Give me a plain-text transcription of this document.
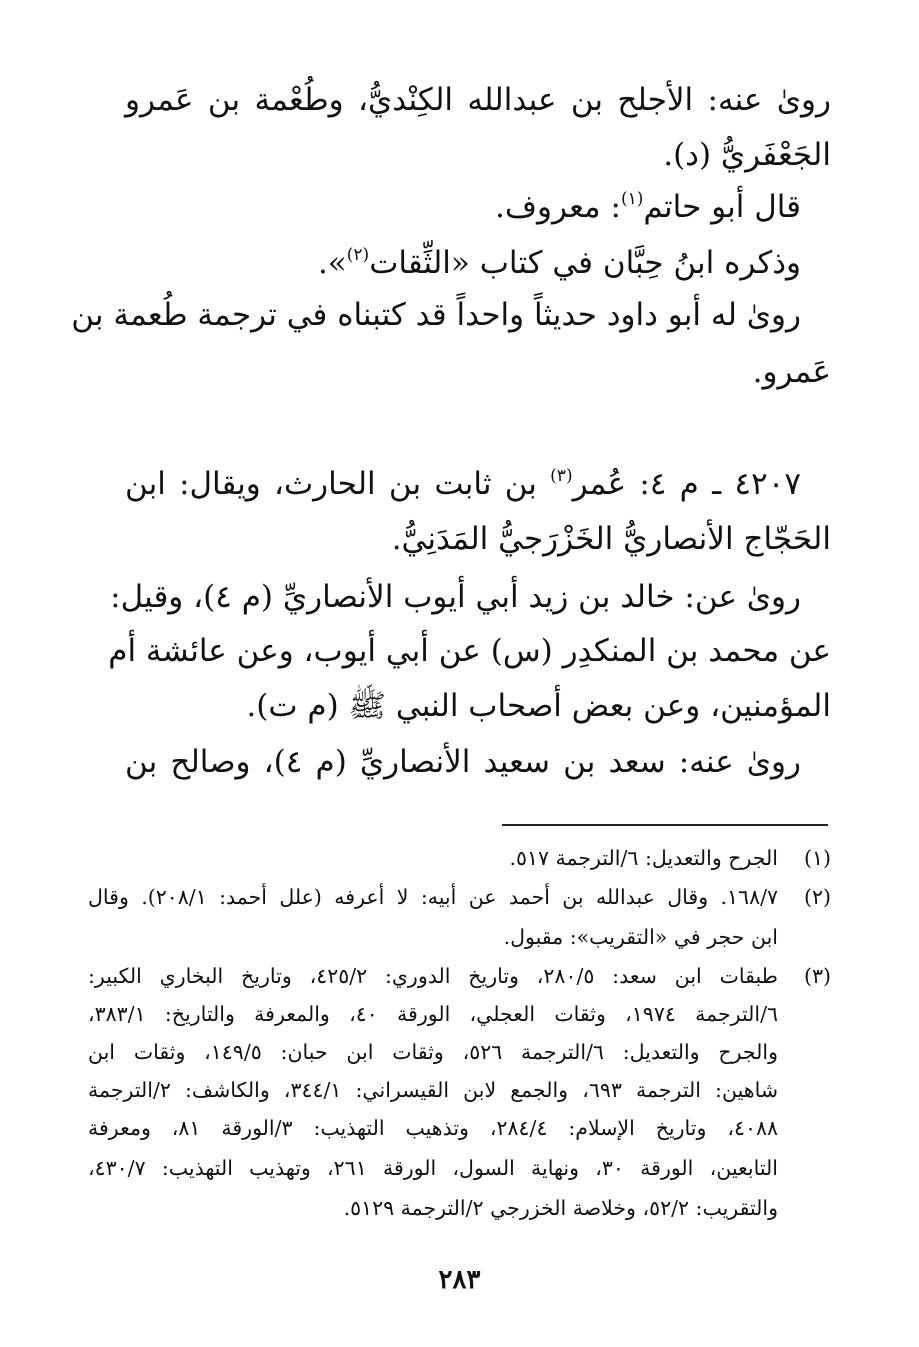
روىٰ عنه: الأجلح بن عبدالله الكِنْديُّ، وطُعْمة بن عَمرو
الجَعْفَريُّ (د).
قال أبو حاتم$^{(١)}$: معروف.
وذكره ابنُ حِبَّان في كتاب «الثِّقات$^{(٢)}$».
روىٰ له أبو داود حديثاً واحداً قد كتبناه في ترجمة طُعمة بن
عَمرو.
٤٢٠٧ ـ م ٤: عُمر$^{(٣)}$ بن ثابت بن الحارث، ويقال: ابن
الحَجّاج الأنصاريُّ الخَزْرَجيُّ المَدَنِيُّ.
روىٰ عن: خالد بن زيد أبي أيوب الأنصاريِّ (م ٤)، وقيل:
عن محمد بن المنكدِر (س) عن أبي أيوب، وعن عائشة أم
المؤمنين، وعن بعض أصحاب النبي ﷺ (م ت).
روىٰ عنه: سعد بن سعيد الأنصاريِّ (م ٤)، وصالح بن
(١)
الجرح والتعديل: ٦/الترجمة ٥١٧.
(٢)
١٦٨/٧. وقال عبدالله بن أحمد عن أبيه: لا أعرفه (علل أحمد: ٢٠٨/١). وقال
ابن حجر في «التقريب»: مقبول.
(٣)
طبقات ابن سعد: ٢٨٠/٥، وتاريخ الدوري: ٤٢٥/٢، وتاريخ البخاري الكبير:
٦/الترجمة ١٩٧٤، وثقات العجلي، الورقة ٤٠، والمعرفة والتاريخ: ٣٨٣/١،
والجرح والتعديل: ٦/الترجمة ٥٢٦، وثقات ابن حبان: ١٤٩/٥، وثقات ابن
شاهين: الترجمة ٦٩٣، والجمع لابن القيسراني: ٣٤٤/١، والكاشف: ٢/الترجمة
٤٠٨٨، وتاريخ الإسلام: ٢٨٤/٤، وتذهيب التهذيب: ٣/الورقة ٨١، ومعرفة
التابعين، الورقة ٣٠، ونهاية السول، الورقة ٢٦١، وتهذيب التهذيب: ٤٣٠/٧،
والتقريب: ٥٢/٢، وخلاصة الخزرجي ٢/الترجمة ٥١٢٩.
٢٨٣
